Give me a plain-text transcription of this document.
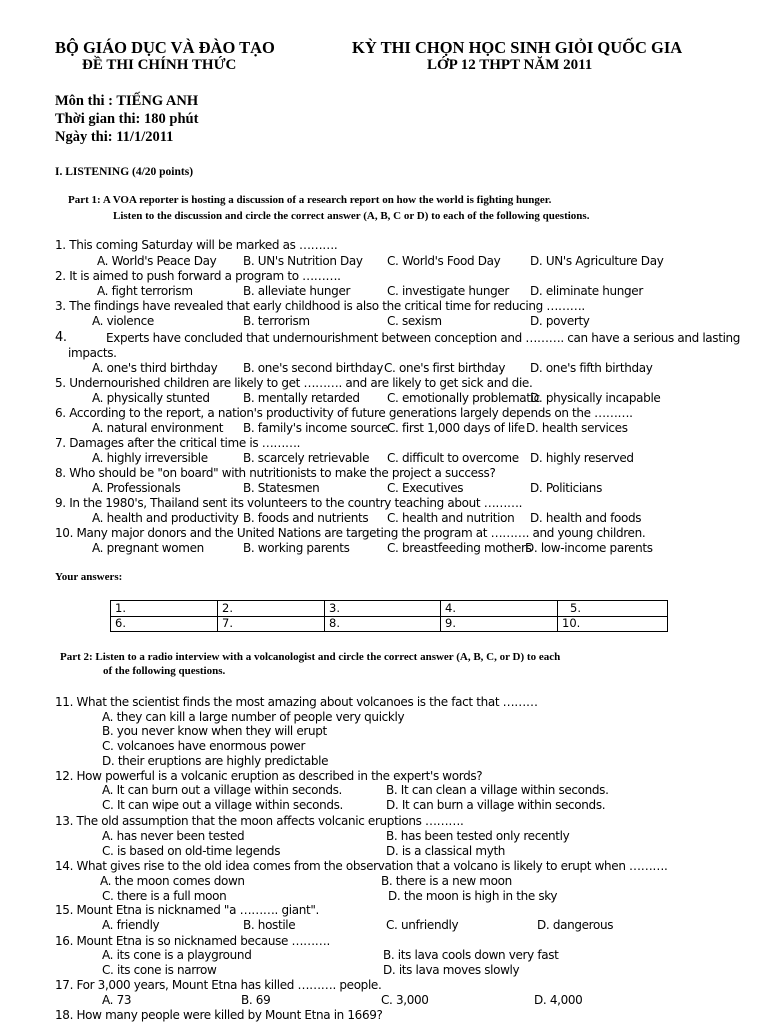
BỘ GIÁO DỤC VÀ ĐÀO TẠO
ĐỀ THI CHÍNH THỨC
KỲ THI CHỌN HỌC SINH GIỎI QUỐC GIA
LỚP 12 THPT NĂM 2011
Môn thi : TIẾNG ANH
Thời gian thi: 180 phút
Ngày thi: 11/1/2011
I. LISTENING (4/20 points)
Part 1: A VOA reporter is hosting a discussion of a research report on how the world is fighting hunger.
Listen to the discussion and circle the correct answer (A, B, C or D) to each of the following questions.
1. This coming Saturday will be marked as ……….
A. World's Peace Day B. UN's Nutrition Day C. World's Food Day D. UN's Agriculture Day
2. It is aimed to push forward a program to ……….
A. fight terrorism	B. alleviate hunger	C. investigate hunger D. eliminate hunger
3. The findings have revealed that early childhood is also the critical time for reducing ……….
A. violence	B. terrorism	C. sexism	D. poverty
4.	Experts have concluded that undernourishment between conception and ………. can have a serious and lasting
impacts.
A. one's third birthday B. one's second birthday C. one's first birthday D. one's fifth birthday
5. Undernourished children are likely to get ………. and are likely to get sick and die.
A. physically stunted	B. mentally retarded C. emotionally problematic
D. physically incapable
6. According to the report, a nation's productivity of future generations largely depends on the ……….
A. natural environment B. family's income source
C. first 1,000 days of life D. health services
7. Damages after the critical time is ……….
A. highly irreversible	B. scarcely retrievable C. difficult to overcome D. highly reserved
8. Who should be "on board" with nutritionists to make the project a success?
A. Professionals	B. Statesmen	C. Executives	D. Politicians
9. In the 1980's, Thailand sent its volunteers to the country teaching about ……….
A. health and productivity B. foods and nutrients C. health and nutrition D. health and foods
10. Many major donors and the United Nations are targeting the program at ………. and young children.
A. pregnant women	B. working parents	C. breastfeeding mothers
D. low-income parents
Your answers:
1.	2.	3.	4.	5.
6.	7.	8.	9.	10.
Part 2: Listen to a radio interview with a volcanologist and circle the correct answer (A, B, C, or D) to each
of the following questions.
11. What the scientist finds the most amazing about volcanoes is the fact that ………
A. they can kill a large number of people very quickly
B. you never know when they will erupt
C. volcanoes have enormous power
D. their eruptions are highly predictable
12. How powerful is a volcanic eruption as described in the expert's words?
A. It can burn out a village within seconds.	B. It can clean a village within seconds.
C. It can wipe out a village within seconds.	D. It can burn a village within seconds.
13. The old assumption that the moon affects volcanic eruptions ……….
A. has never been tested	B. has been tested only recently
C. is based on old-time legends	D. is a classical myth
14. What gives rise to the old idea comes from the observation that a volcano is likely to erupt when ……….
A. the moon comes down	B. there is a new moon
C. there is a full moon	D. the moon is high in the sky
15. Mount Etna is nicknamed "a ………. giant".
A. friendly	B. hostile	C. unfriendly	D. dangerous
16. Mount Etna is so nicknamed because ……….
A. its cone is a playground	B. its lava cools down very fast
C. its cone is narrow	D. its lava moves slowly
17. For 3,000 years, Mount Etna has killed ………. people.
A. 73	B. 69	C. 3,000	D. 4,000
18. How many people were killed by Mount Etna in 1669?
